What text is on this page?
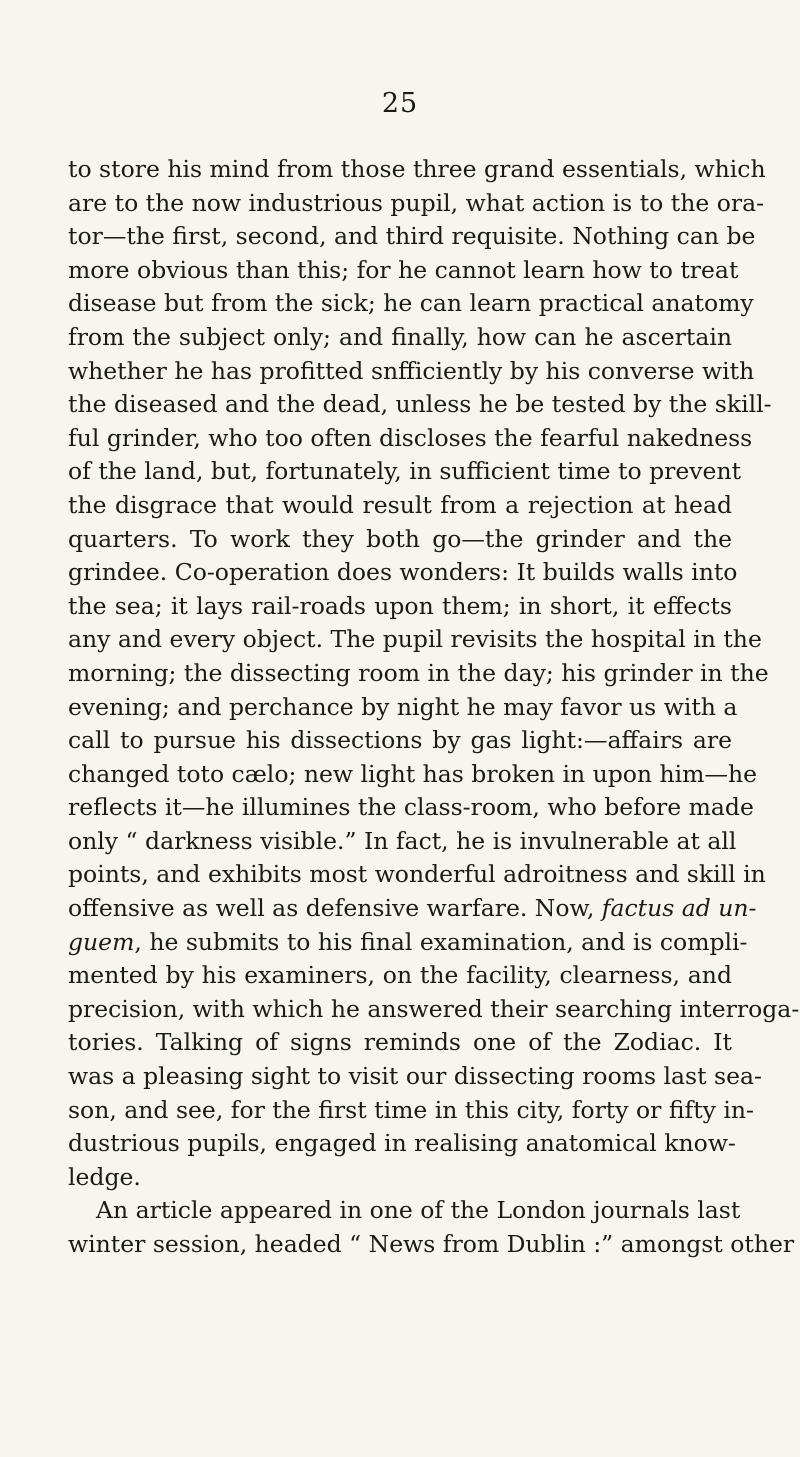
25
to store his mind from those three grand essentials, which
are to the now industrious pupil, what action is to the ora-
tor—the first, second, and third requisite. Nothing can be
more obvious than this; for he cannot learn how to treat
disease but from the sick; he can learn practical anatomy
from the subject only; and finally, how can he ascertain
whether he has profitted snfficiently by his converse with
the diseased and the dead, unless he be tested by the skill-
ful grinder, who too often discloses the fearful nakedness
of the land, but, fortunately, in sufficient time to prevent
the disgrace that would result from a rejection at head
quarters. To work they both go—the grinder and the
grindee. Co-operation does wonders: It builds walls into
the sea; it lays rail-roads upon them; in short, it effects
any and every object. The pupil revisits the hospital in the
morning; the dissecting room in the day; his grinder in the
evening; and perchance by night he may favor us with a
call to pursue his dissections by gas light:—affairs are
changed toto cælo; new light has broken in upon him—he
reflects it—he illumines the class-room, who before made
only “ darkness visible.” In fact, he is invulnerable at all
points, and exhibits most wonderful adroitness and skill in
offensive as well as defensive warfare. Now, factus ad un-
guem, he submits to his final examination, and is compli-
mented by his examiners, on the facility, clearness, and
precision, with which he answered their searching interroga-
tories. Talking of signs reminds one of the Zodiac. It
was a pleasing sight to visit our dissecting rooms last sea-
son, and see, for the first time in this city, forty or fifty in-
dustrious pupils, engaged in realising anatomical know-
ledge.
An article appeared in one of the London journals last
winter session, headed “ News from Dublin :” amongst other
